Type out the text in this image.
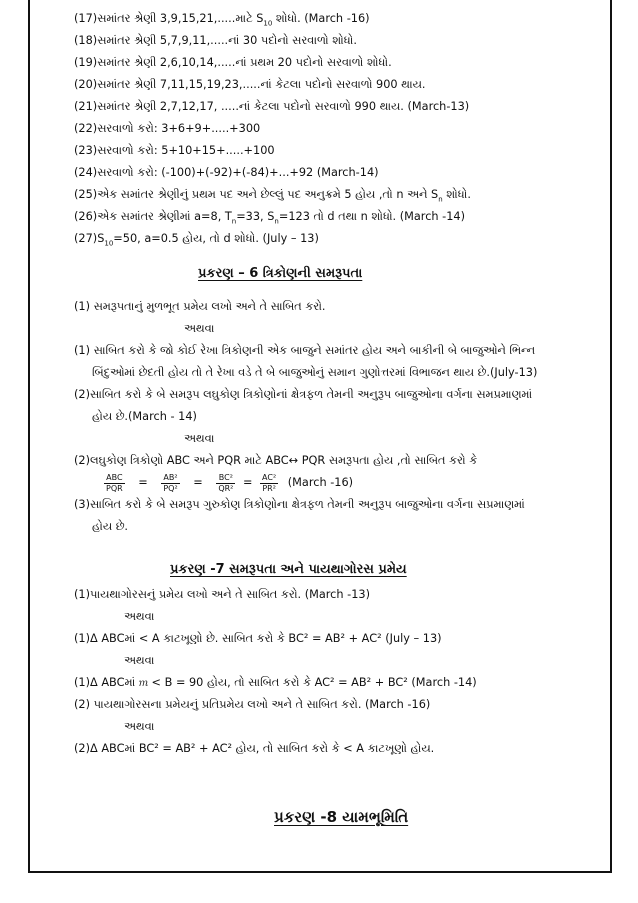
(17)સમાંતર શ્રેણી 3,9,15,21,.....માટે $S_{10}$ શોધો. (March -16)
(18)સમાંતર શ્રેણી 5,7,9,11,.....નાં 30 પદોનો સરવાળો શોધો.
(19)સમાંતર શ્રેણી 2,6,10,14,.....નાં પ્રથમ 20 પદોનો સરવાળો શોધો.
(20)સમાંતર શ્રેણી 7,11,15,19,23,.....નાં કેટલા પદોનો સરવાળો 900 થાય.
(21)સમાંતર શ્રેણી 2,7,12,17, .....નાં કેટલા પદોનો સરવાળો 990 થાય. (March-13)
(22)સરવાળો કરો: 3+6+9+.....+300
(23)સરવાળો કરો: 5+10+15+.....+100
(24)સરવાળો કરો: (-100)+(-92)+(-84)+...+92 (March-14)
(25)એક સમાંતર શ્રેણીનું પ્રથમ પદ અને છેલ્લું પદ અનુક્રમે 5 હોય ,તો n અને $S_n$ શોધો.
(26)એક સમાંતર શ્રેણીમાં a=8, $T_n=33$, $S_n=123$ તો d તથા n શોધો. (March -14)
$(27)S_{10}=50$, a=0.5 હોય, તો d શોધો. (July – 13)
પ્રકરણ – 6 ત્રિકોણની સમરૂપતા
(1) સમરૂપતાનું મુળભૂત પ્રમેય લખો અને તે સાબિત કરો.
અથવા
(1) સાબિત કરો કે જો કોઈ રેખા ત્રિકોણની એક બાજુને સમાંતર હોય અને બાકીની બે બાજુઓને ભિન્ન
બિંદુઓમાં છેદતી હોય તો તે રેખા વડે તે બે બાજુઓનું સમાન ગુણોત્તરમાં વિભાજન થાય છે.(July-13)
(2)સાબિત કરો કે બે સમરૂપ લઘુકોણ ત્રિકોણોનાં ક્ષેત્રફળ તેમની અનુરૂપ બાજુઓના વર્ગના સમપ્રમાણમાં
હોય છે.(March - 14)
અથવા
(2)લઘુકોણ ત્રિકોણો ABC અને PQR માટે ABC↔ PQR સમરૂપતા હોય ,તો સાબિત કરો કે
$\frac{\text{ABC}}{\text{PQR}} = \frac{\text{AB²}}{\text{PQ²}} = \frac{\text{BC²}}{\text{QR²}} = \frac{\text{AC²}}{\text{PR²}}$ (March -16)
(3)સાબિત કરો કે બે સમરૂપ ગુરુકોણ ત્રિકોણોના ક્ષેત્રફળ તેમની અનુરૂપ બાજુઓના વર્ગના સપ્રમાણમાં
હોય છે.
પ્રકરણ -7 સમરૂપતા અને પાયથાગોરસ પ્રમેય
(1)પાયથાગોરસનું પ્રમેય લખો અને તે સાબિત કરો. (March -13)
અથવા
(1)Δ ABCમાં < A કાટખૂણો છે. સાબિત કરો કે BC² = AB² + AC² (July – 13)
અથવા
(1)Δ ABCમાં 𝑚 < B = 90 હોય, તો સાબિત કરો કે AC² = AB² + BC² (March -14)
(2) પાયથાગોરસના પ્રમેયનું પ્રતિપ્રમેય લખો અને તે સાબિત કરો. (March -16)
અથવા
(2)Δ ABCમાં BC² = AB² + AC² હોય, તો સાબિત કરો કે < A કાટખૂણો હોય.
પ્રકરણ -8 યામભૂમિતિ
